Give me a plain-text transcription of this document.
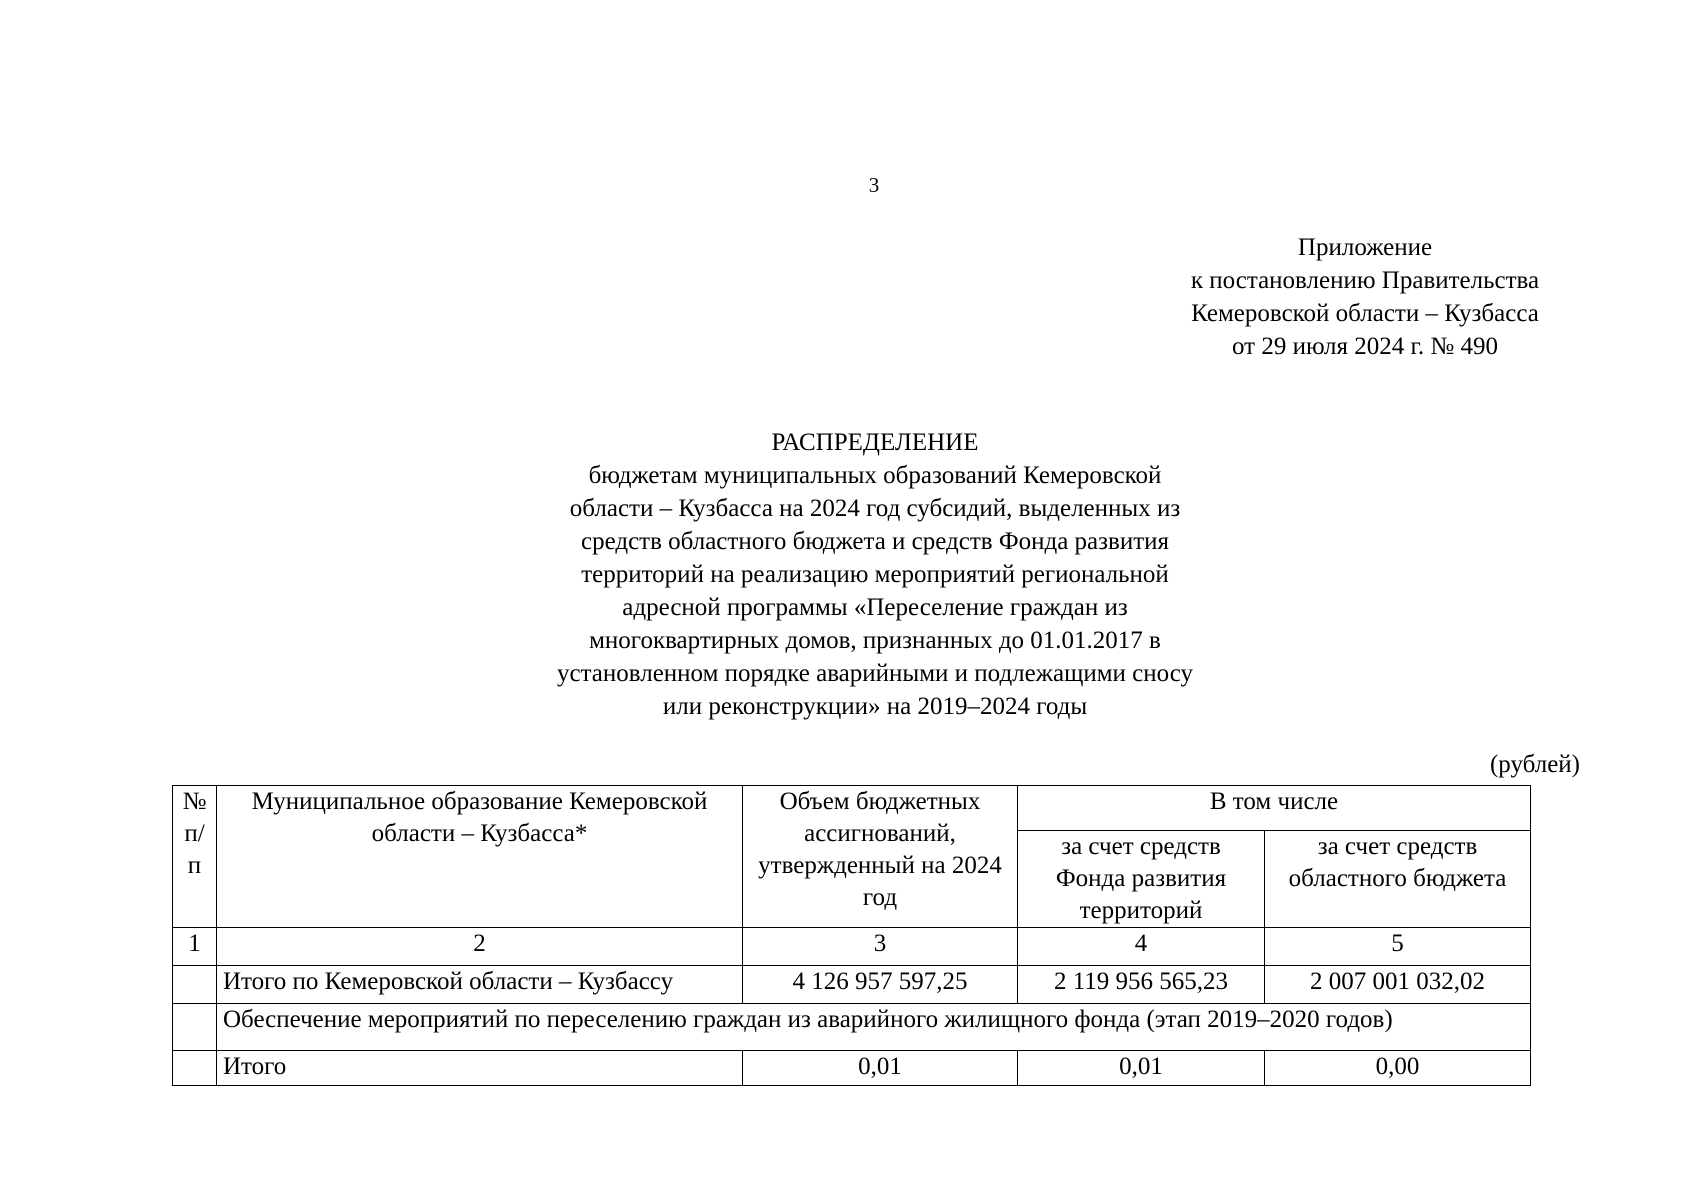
3
Приложение
к постановлению Правительства
Кемеровской области – Кузбасса
от 29 июля 2024 г. № 490
РАСПРЕДЕЛЕНИЕ
бюджетам муниципальных образований Кемеровской
области – Кузбасса на 2024 год субсидий, выделенных из
средств областного бюджета и средств Фонда развития
территорий на реализацию мероприятий региональной
адресной программы «Переселение граждан из
многоквартирных домов, признанных до 01.01.2017 в
установленном порядке аварийными и подлежащими сносу
или реконструкции» на 2019–2024 годы
(рублей)
№ п/п	Муниципальное образование Кемеровской области – Кузбасса*	Объем бюджетных ассигнований, утвержденный на 2024 год	В том числе	
			за счет средств Фонда развития территорий	за счет средств областного бюджета
1	2	3	4	5
	Итого по Кемеровской области – Кузбассу	4 126 957 597,25	2 119 956 565,23	2 007 001 032,02
	Обеспечение мероприятий по переселению граждан из аварийного жилищного фонда (этап 2019–2020 годов)			
	Итого	0,01	0,01	0,00
